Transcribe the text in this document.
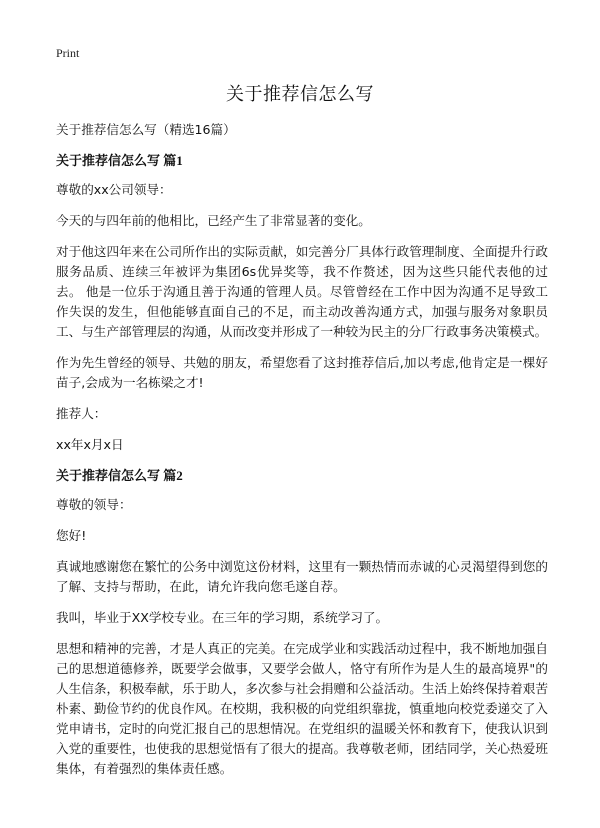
Print
关于推荐信怎么写

关于推荐信怎么写（精选16篇）

关于推荐信怎么写 篇1

尊敬的xx公司领导：

今天的与四年前的他相比，已经产生了非常显著的变化。

对于他这四年来在公司所作出的实际贡献，如完善分厂具体行政管理制度、全面提升行政服务品质、连续三年被评为集团6s优异奖等，我不作赘述，因为这些只能代表他的过去。 他是一位乐于沟通且善于沟通的管理人员。尽管曾经在工作中因为沟通不足导致工作失误的发生，但他能够直面自己的不足，而主动改善沟通方式，加强与服务对象职员工、与生产部管理层的沟通，从而改变并形成了一种较为民主的分厂行政事务决策模式。

作为先生曾经的领导、共勉的朋友，希望您看了这封推荐信后,加以考虑,他肯定是一棵好苗子,会成为一名栋梁之才!

推荐人：

xx年x月x日

关于推荐信怎么写 篇2

尊敬的领导：

您好!

真诚地感谢您在繁忙的公务中浏览这份材料，这里有一颗热情而赤诚的心灵渴望得到您的了解、支持与帮助，在此，请允许我向您毛遂自荐。

我叫，毕业于XX学校专业。在三年的学习期，系统学习了。

思想和精神的完善，才是人真正的完美。在完成学业和实践活动过程中，我不断地加强自己的思想道德修养，既要学会做事，又要学会做人，恪守有所作为是人生的最高境界"的人生信条，积极奉献，乐于助人，多次参与社会捐赠和公益活动。生活上始终保持着艰苦朴素、勤俭节约的优良作风。在校期，我积极的向党组织靠拢，慎重地向校党委递交了入党申请书，定时的向党汇报自己的思想情况。在党组织的温暖关怀和教育下，使我认识到入党的重要性，也使我的思想觉悟有了很大的提高。我尊敬老师，团结同学，关心热爱班集体，有着强烈的集体责任感。
